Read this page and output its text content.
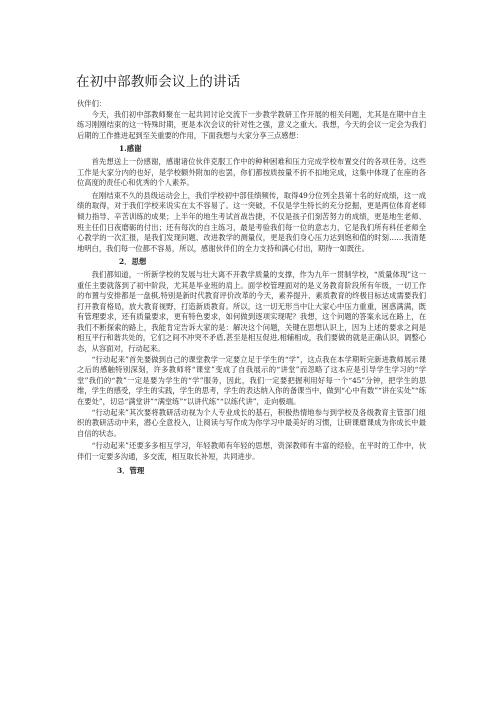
在初中部教师会议上的讲话

伙伴们：

今天，我们初中部教师聚在一起共同讨论交流下一步教学教研工作开展的相关问题，尤其是在期中自主练习刚刚结束的这一特殊时期，更是本次会议的针对性之强，意义之重大。我想，今天的会议一定会为我们后期的工作推进起到至关重要的作用，下面我想与大家分享三点感想：

1.感谢

首先想送上一份感谢，感谢诸位伙伴克服工作中的种种困难和压力完成学校布置交付的各项任务，这些工作是大家分内的也好，是学校额外附加的也罢，你们都按质按量不折不扣地完成，这集中体现了在座的各位高度的责任心和优秀的个人素养。

在刚结束不久的县级运动会上，我们学校初中部佳绩频传，取得49分位列全县第十名的好成绩，这一成绩的取得，对于我们学校来说实在太不容易了。这一突破，不仅是学生特长的充分挖掘，更是两位体育老师倾力指导、辛苦训练的成果；上半年的地生考试首战告捷，不仅是孩子们刻苦努力的成绩，更是地生老师、班主任们日夜磨砺的付出；还有每次的自主练习，最是考验我们每一位的意志力，它是我们所有科任老师全心教学的一次汇报，是我们发现问题、改进教学的测量仪，更是我们身心压力达到饱和值的时刻……我清楚地明白，我们每一位都不容易，所以，感谢伙伴们的全力支持和满心付出，期待一如既往。

2．思想

我们都知道，一所新学校的发展与壮大离不开教学质量的支撑，作为九年一贯制学校，“质量体现”这一重任主要就落到了初中阶段，尤其是毕业班的肩上。面学校管理面对的是义务教育阶段所有年级，一切工作的布置与安排都是一盘棋,特别是新时代教育评价改革的今天，素养提升、素质教育的终极目标达成需要我们打开教育格局，放大教育视野，打造新质教育。所以，这一切无形当中让大家心中压力重重，困惑满满，既有管理要求，还有质量要求，更有特色要求，如何做到逐项实现呢？我想，这个问题的答案永远在路上，在我们不断探索的路上，我能肯定告诉大家的是：解决这个问题，关键在思想认识上，因为上述的要求之间是相互平行和谐共处的，它们之间不冲突不矛盾,甚至是相互促进,相辅相成，我们要做的就是正确认识，调整心态，从容面对，行动起来。

“行动起来”首先要做到自己的课堂教学一定要立足于学生的“学”，这点我在本学期听完新进教师展示课之后的感触特别深刻，许多教师将“课堂”变成了自我展示的“讲堂”而忽略了这本应是引导学生学习的“学堂”我们的“教”一定是要为学生的“学”服务，因此，我们一定要把握利用好每一个“45”分钟，把学生的思维，学生的感受，学生的实践，学生的思考，学生的表达纳入你的备课当中，做到“心中有数”“讲在实处”“练在要处”，切忌“满堂讲”“满堂练”“以讲代练”“以练代讲”，走向极端。

“行动起来”其次要将教研活动视为个人专业成长的基石，积极热情地参与到学校及各级教育主管部门组织的教研活动中来，潜心全意投入，让阅读与写作成为你学习中最美好的习惯，让研课磨课成为你成长中最自信的状态。

“行动起来”还要多多相互学习，年轻教师有年轻的思想，资深教师有丰富的经验，在平时的工作中，伙伴们一定要多沟通，多交流，相互取长补短，共同进步。

3．管理
